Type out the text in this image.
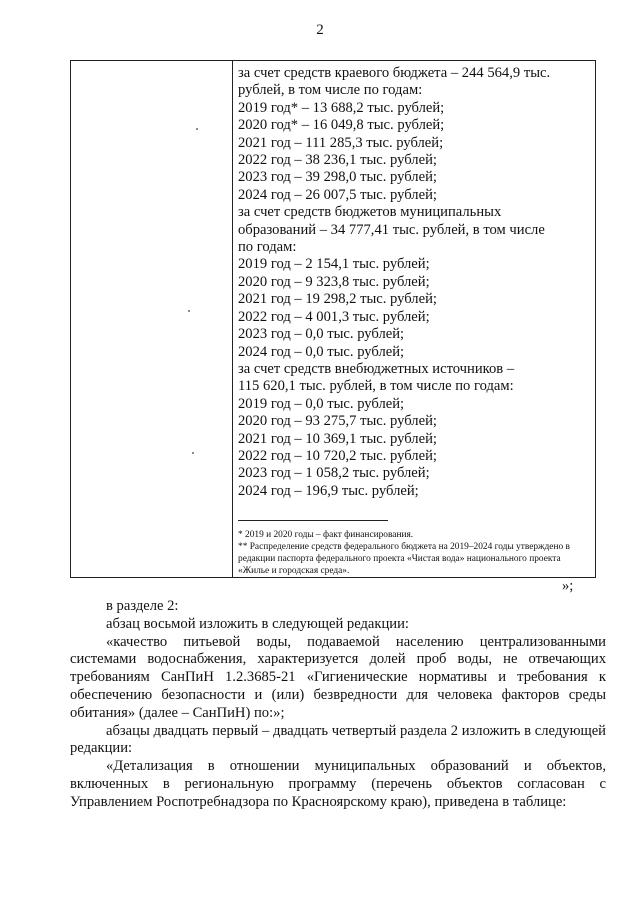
2
за счет средств краевого бюджета – 244 564,9 тыс.
рублей, в том числе по годам:
2019 год* – 13 688,2 тыс. рублей;
2020 год* – 16 049,8 тыс. рублей;
2021 год – 111 285,3 тыс. рублей;
2022 год – 38 236,1 тыс. рублей;
2023 год – 39 298,0 тыс. рублей;
2024 год – 26 007,5 тыс. рублей;
за счет средств бюджетов муниципальных
образований – 34 777,41 тыс. рублей, в том числе
по годам:
2019 год – 2 154,1 тыс. рублей;
2020 год – 9 323,8 тыс. рублей;
2021 год – 19 298,2 тыс. рублей;
2022 год – 4 001,3 тыс. рублей;
2023 год – 0,0 тыс. рублей;
2024 год – 0,0 тыс. рублей;
за счет средств внебюджетных источников –
115 620,1 тыс. рублей, в том числе по годам:
2019 год – 0,0 тыс. рублей;
2020 год – 93 275,7 тыс. рублей;
2021 год – 10 369,1 тыс. рублей;
2022 год – 10 720,2 тыс. рублей;
2023 год – 1 058,2 тыс. рублей;
2024 год – 196,9 тыс. рублей;
* 2019 и 2020 годы – факт финансирования.
** Распределение средств федерального бюджета на 2019–2024 годы утверждено в редакции паспорта федерального проекта «Чистая вода» национального проекта «Жилье и городская среда».
»;

в разделе 2:

абзац восьмой изложить в следующей редакции:

«качество питьевой воды, подаваемой населению централизованными системами водоснабжения, характеризуется долей проб воды, не отвечающих требованиям СанПиН 1.2.3685-21 «Гигиенические нормативы и требования к обеспечению безопасности и (или) безвредности для человека факторов среды обитания» (далее – СанПиН) по:»;

абзацы двадцать первый – двадцать четвертый раздела 2 изложить в следующей редакции:

«Детализация в отношении муниципальных образований и объектов, включенных в региональную программу (перечень объектов согласован с Управлением Роспотребнадзора по Красноярскому краю), приведена в таблице:
